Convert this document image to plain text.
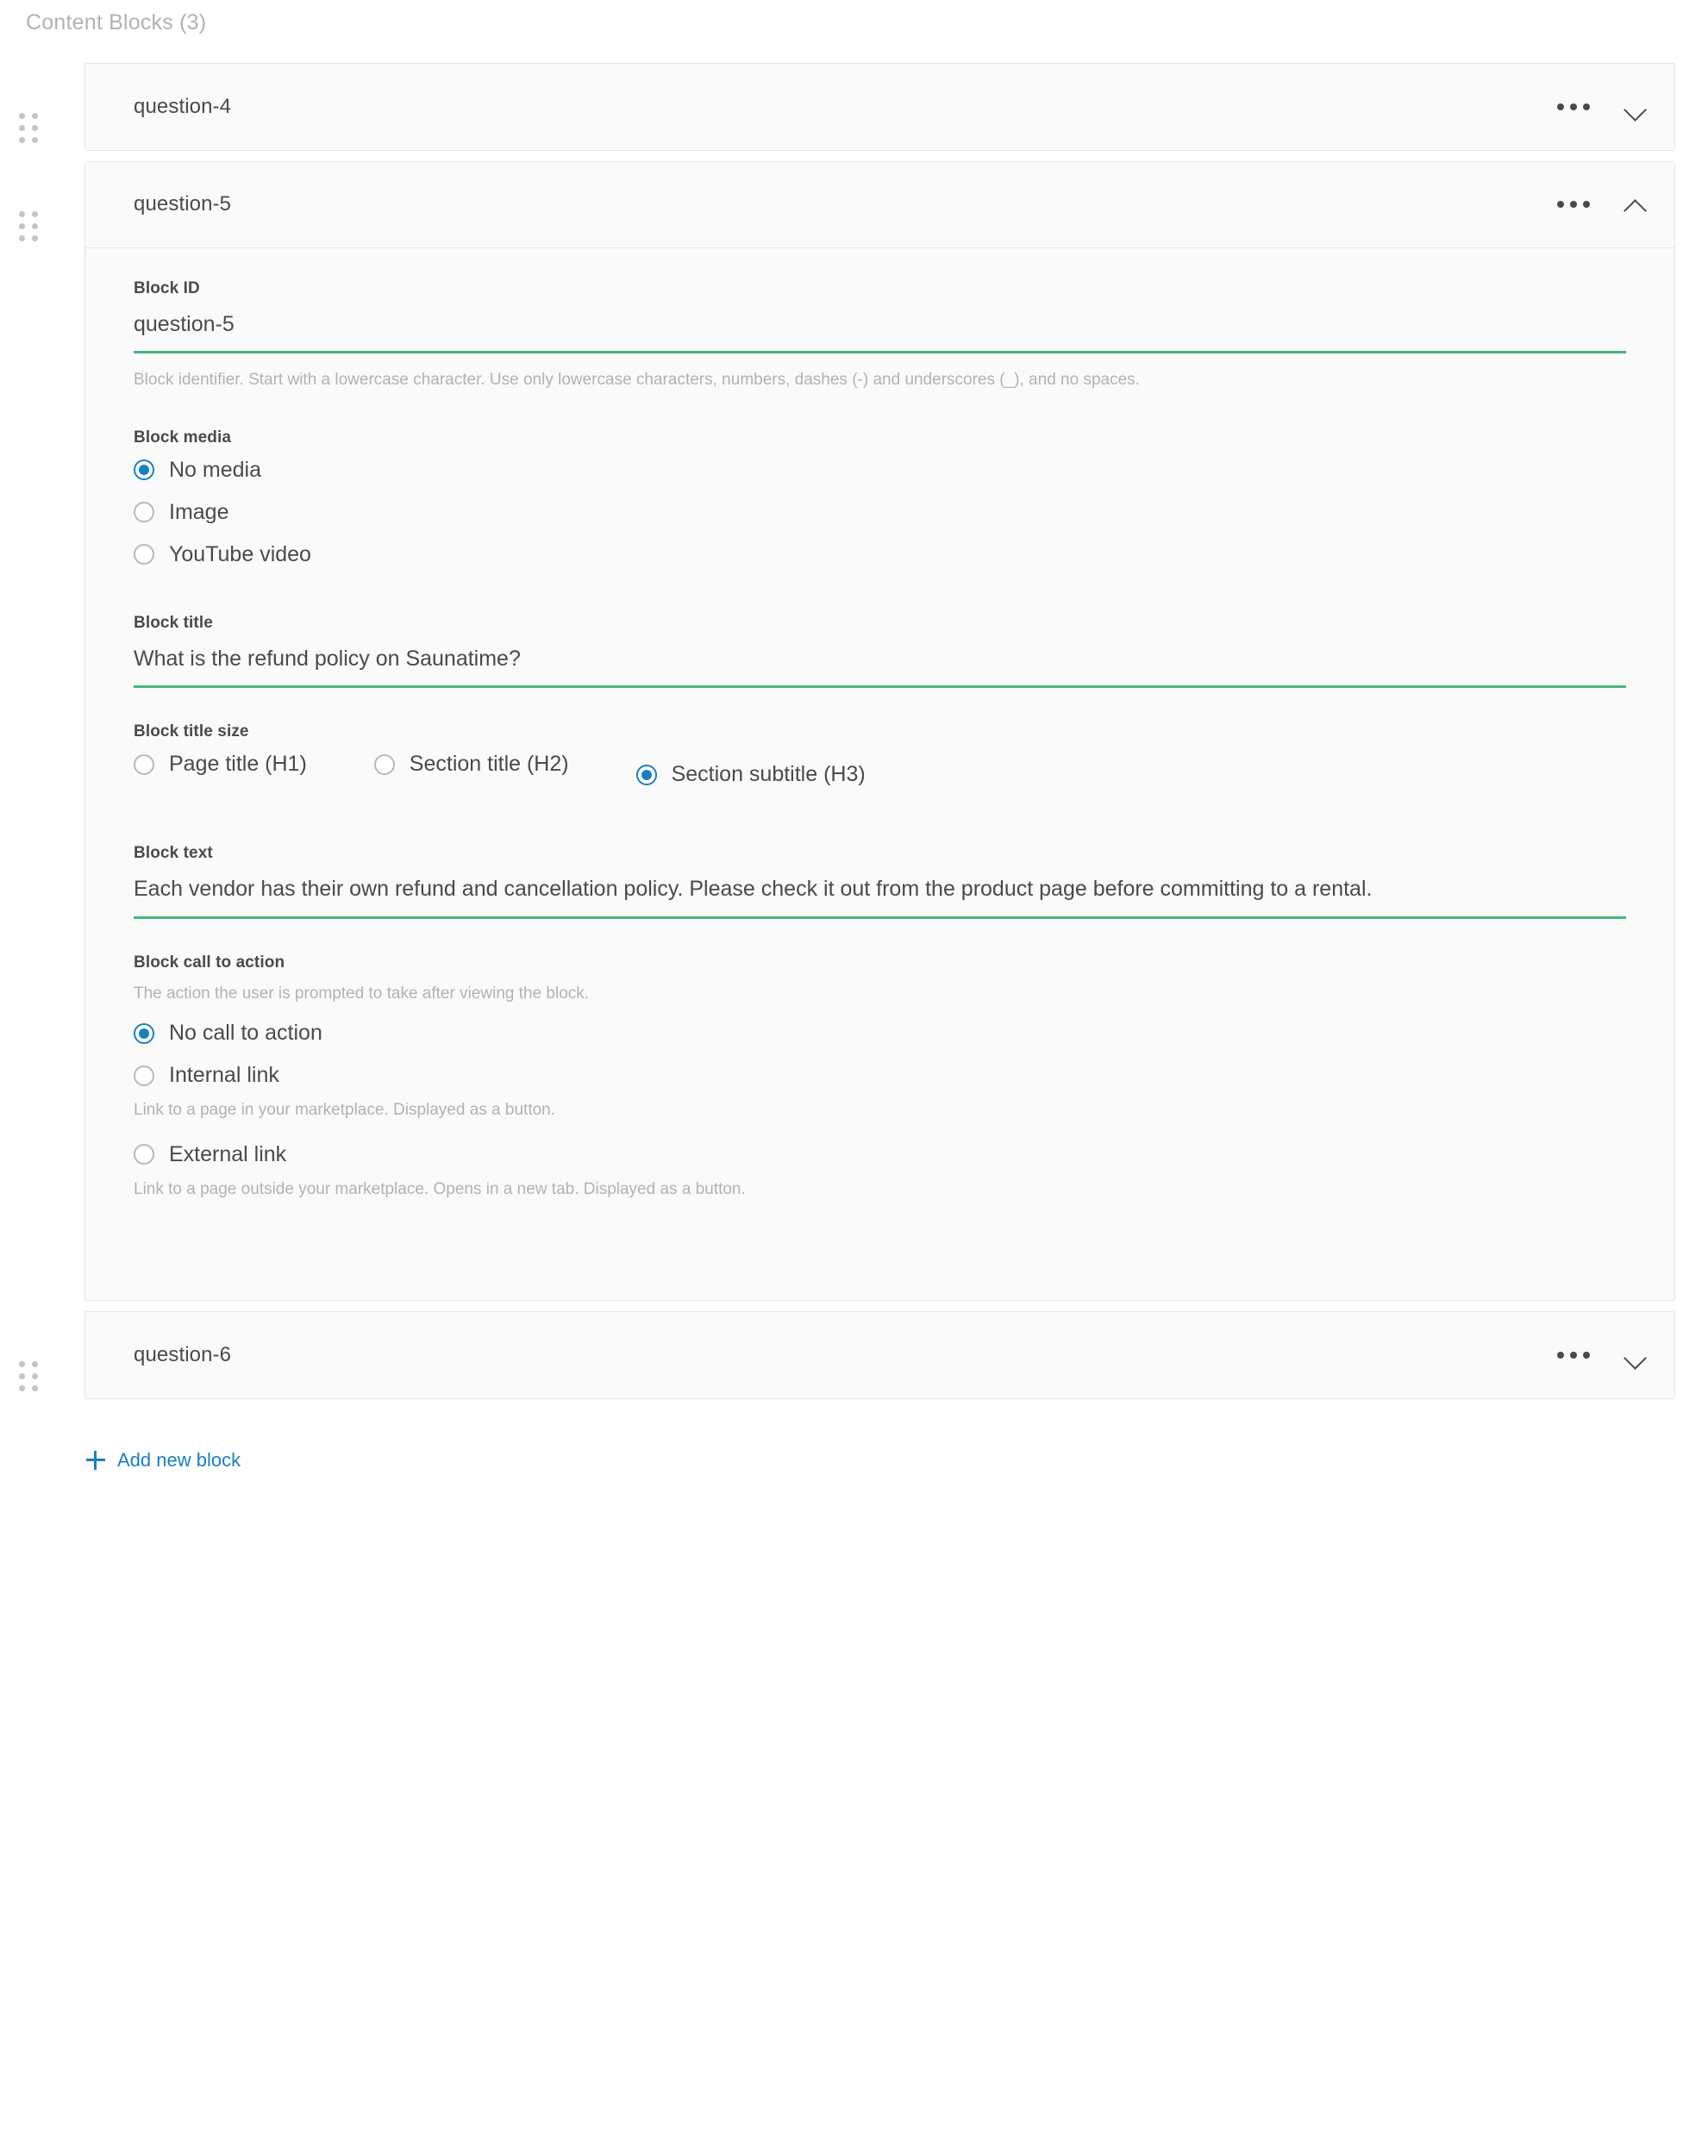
Content Blocks (3)
question-4
question-5
Block ID
question-5
Block identifier. Start with a lowercase character. Use only lowercase characters, numbers, dashes (-) and underscores (_), and no spaces.
Block media
No media
Image
YouTube video
Block title
What is the refund policy on Saunatime?
Block title size
Page title (H1)	Section title (H2)	Section subtitle (H3)
Block text
Each vendor has their own refund and cancellation policy. Please check it out from the product page before committing to a rental.
Block call to action
The action the user is prompted to take after viewing the block.
No call to action
Internal link
Link to a page in your marketplace. Displayed as a button.
External link
Link to a page outside your marketplace. Opens in a new tab. Displayed as a button.
question-6
Add new block
